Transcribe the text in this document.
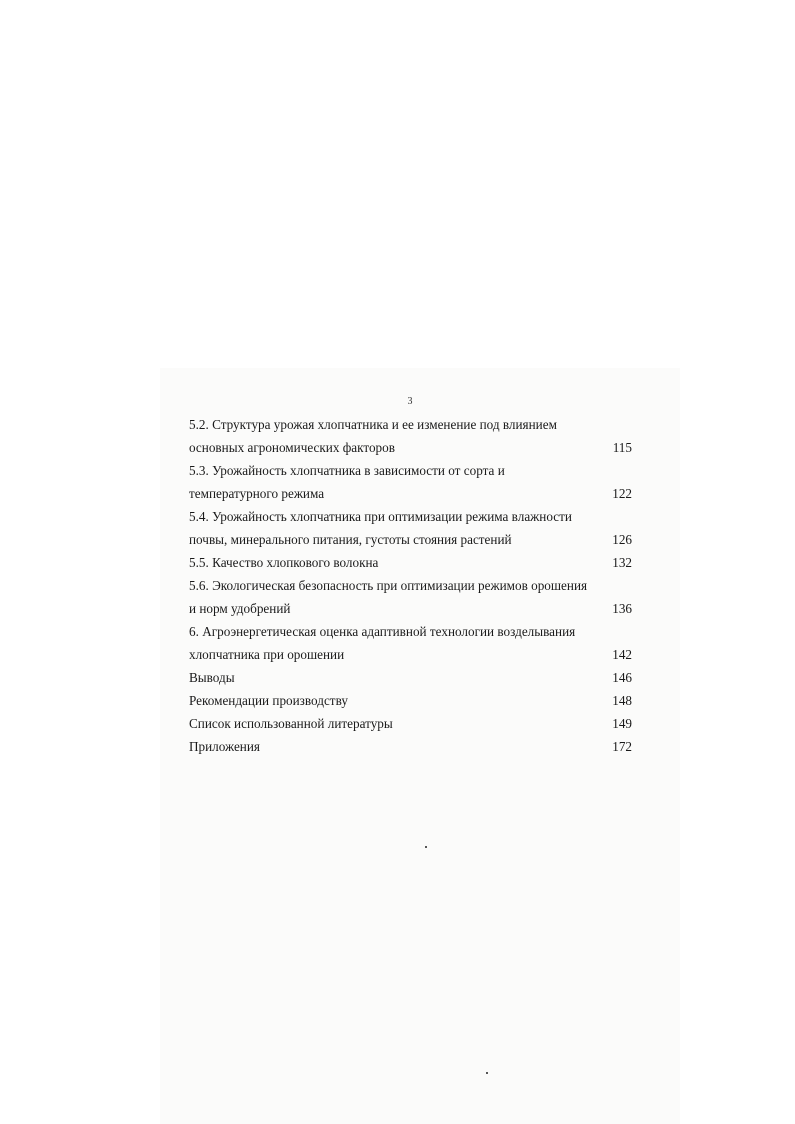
3
5.2. Структура урожая хлопчатника и ее изменение под влиянием
основных агрономических факторов	115
5.3. Урожайность хлопчатника в зависимости от сорта и
температурного режима	122
5.4. Урожайность хлопчатника при оптимизации режима влажности
почвы, минерального питания, густоты стояния растений	126
5.5. Качество хлопкового волокна	132
5.6. Экологическая безопасность при оптимизации режимов орошения
и норм удобрений	136
6. Агроэнергетическая оценка адаптивной технологии возделывания
хлопчатника при орошении	142
Выводы	146
Рекомендации производству	148
Список использованной литературы	149
Приложения	172
